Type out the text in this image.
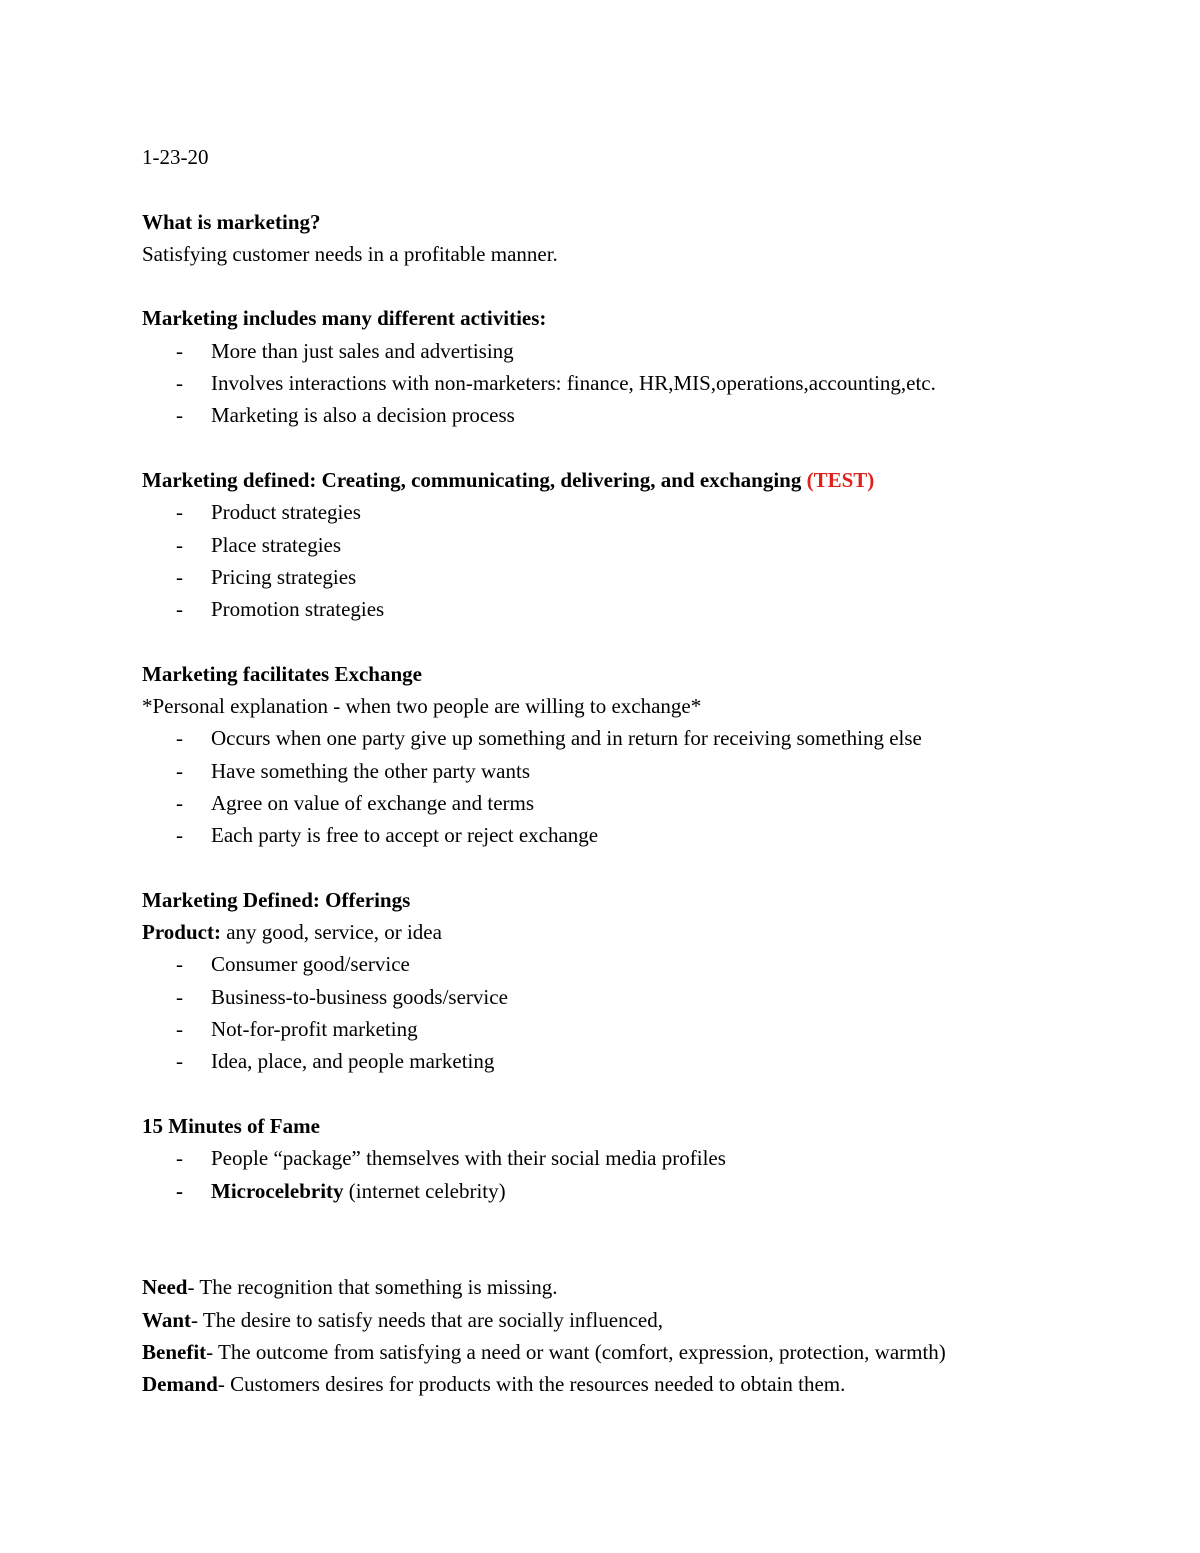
1-23-20
What is marketing?
Satisfying customer needs in a profitable manner.
Marketing includes many different activities:
- More than just sales and advertising
- Involves interactions with non-marketers: finance, HR,MIS,operations,accounting,etc.
- Marketing is also a decision process
Marketing defined: Creating, communicating, delivering, and exchanging (TEST)
- Product strategies
- Place strategies
- Pricing strategies
- Promotion strategies
Marketing facilitates Exchange
*Personal explanation - when two people are willing to exchange*
- Occurs when one party give up something and in return for receiving something else
- Have something the other party wants
- Agree on value of exchange and terms
- Each party is free to accept or reject exchange
Marketing Defined: Offerings
Product: any good, service, or idea
- Consumer good/service
- Business-to-business goods/service
- Not-for-profit marketing
- Idea, place, and people marketing
15 Minutes of Fame
- People “package” themselves with their social media profiles
- Microcelebrity (internet celebrity)
Need- The recognition that something is missing.
Want- The desire to satisfy needs that are socially influenced,
Benefit- The outcome from satisfying a need or want (comfort, expression, protection, warmth)
Demand- Customers desires for products with the resources needed to obtain them.
